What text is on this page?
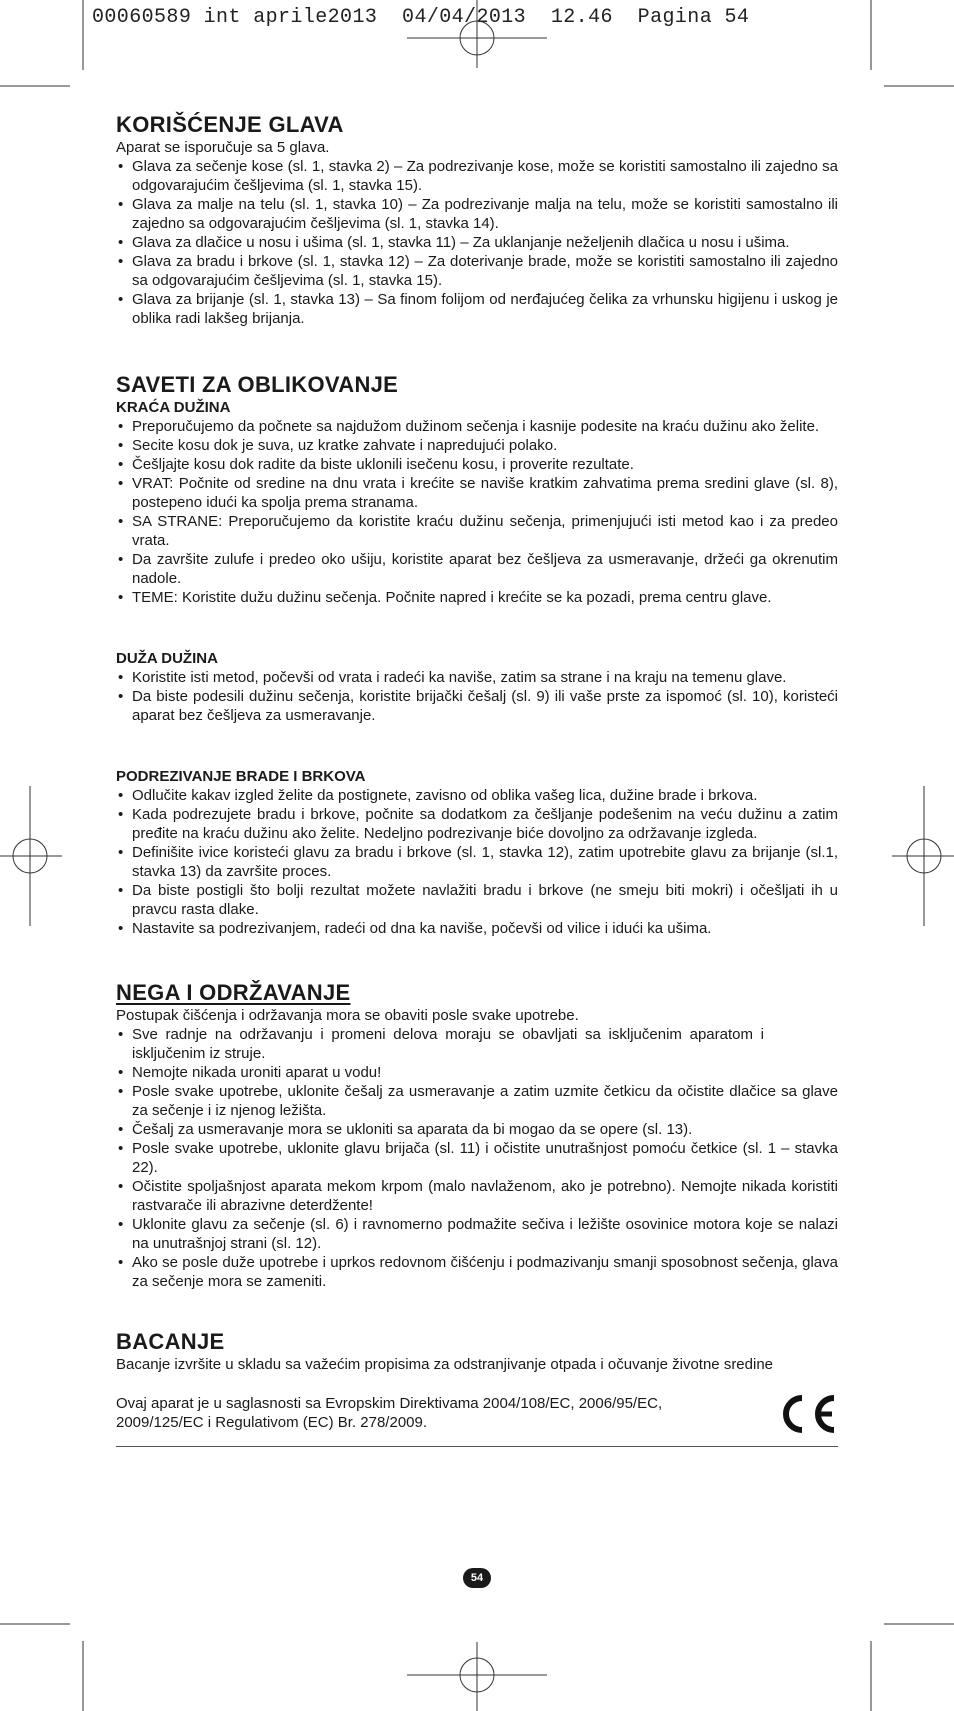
00060589 int aprile2013  04/04/2013  12.46  Pagina 54
KORIŠĆENJE GLAVA

Aparat se isporučuje sa 5 glava.

• Glava za sečenje kose (sl. 1, stavka 2) – Za podrezivanje kose, može se koristiti samostalno ili zajedno sa odgovarajućim češljevima (sl. 1, stavka 15).
• Glava za malje na telu (sl. 1, stavka 10) – Za podrezivanje malja na telu, može se koristiti samostalno ili zajedno sa odgovarajućim češljevima (sl. 1, stavka 14).
• Glava za dlačice u nosu i ušima (sl. 1, stavka 11) – Za uklanjanje neželjenih dlačica u nosu i ušima.
• Glava za bradu i brkove (sl. 1, stavka 12) – Za doterivanje brade, može se koristiti samostalno ili zajedno sa odgovarajućim češljevima (sl. 1, stavka 15).
• Glava za brijanje (sl. 1, stavka 13) – Sa finom folijom od nerđajućeg čelika za vrhunsku higijenu i uskog je oblika radi lakšeg brijanja.
SAVETI ZA OBLIKOVANJE
KRAĆA DUŽINA
• Preporučujemo da počnete sa najdužom dužinom sečenja i kasnije podesite na kraću dužinu ako želite.
• Secite kosu dok je suva, uz kratke zahvate i napredujući polako.
• Češljajte kosu dok radite da biste uklonili isečenu kosu, i proverite rezultate.
• VRAT: Počnite od sredine na dnu vrata i krećite se naviše kratkim zahvatima prema sredini glave (sl. 8), postepeno idući ka spolja prema stranama.
• SA STRANE: Preporučujemo da koristite kraću dužinu sečenja, primenjujući isti metod kao i za predeo vrata.
• Da završite zulufe i predeo oko ušiju, koristite aparat bez češljeva za usmeravanje, držeći ga okrenutim nadole.
• TEME: Koristite dužu dužinu sečenja. Počnite napred i krećite se ka pozadi, prema centru glave.
DUŽA DUŽINA
• Koristite isti metod, počevši od vrata i radeći ka naviše, zatim sa strane i na kraju na temenu glave.
• Da biste podesili dužinu sečenja, koristite brijački češalj (sl. 9) ili vaše prste za ispomoć (sl. 10), koristeći aparat bez češljeva za usmeravanje.
PODREZIVANJE BRADE I BRKOVA
• Odlučite kakav izgled želite da postignete, zavisno od oblika vašeg lica, dužine brade i brkova.
• Kada podrezujete bradu i brkove, počnite sa dodatkom za češljanje podešenim na veću dužinu a zatim pređite na kraću dužinu ako želite. Nedeljno podrezivanje biće dovoljno za održavanje izgleda.
• Definišite ivice koristeći glavu za bradu i brkove (sl. 1, stavka 12), zatim upotrebite glavu za brijanje (sl.1, stavka 13) da završite proces.
• Da biste postigli što bolji rezultat možete navlažiti bradu i brkove (ne smeju biti mokri) i očešljati ih u pravcu rasta dlake.
• Nastavite sa podrezivanjem, radeći od dna ka naviše, počevši od vilice i idući ka ušima.
NEGA I ODRŽAVANJE

Postupak čišćenja i održavanja mora se obaviti posle svake upotrebe.

• Sve radnje na održavanju i promeni delova moraju se obavljati sa isključenim aparatom i isključenim iz struje.
• Nemojte nikada uroniti aparat u vodu!
• Posle svake upotrebe, uklonite češalj za usmeravanje a zatim uzmite četkicu da očistite dlačice sa glave za sečenje i iz njenog ležišta.
• Češalj za usmeravanje mora se ukloniti sa aparata da bi mogao da se opere (sl. 13).
• Posle svake upotrebe, uklonite glavu brijača (sl. 11) i očistite unutrašnjost pomoću četkice (sl. 1 – stavka 22).
• Očistite spoljašnjost aparata mekom krpom (malo navlaženom, ako je potrebno). Nemojte nikada koristiti rastvarače ili abrazivne deterdžente!
• Uklonite glavu za sečenje (sl. 6) i ravnomerno podmažite sečiva i ležište osovinice motora koje se nalazi na unutrašnjoj strani (sl. 12).
• Ako se posle duže upotrebe i uprkos redovnom čišćenju i podmazivanju smanji sposobnost sečenja, glava za sečenje mora se zameniti.
BACANJE

Bacanje izvršite u skladu sa važećim propisima za odstranjivanje otpada i očuvanje životne sredine

Ovaj aparat je u saglasnosti sa Evropskim Direktivama 2004/108/EC, 2006/95/EC, 2009/125/EC i Regulativom (EC) Br. 278/2009.

54
